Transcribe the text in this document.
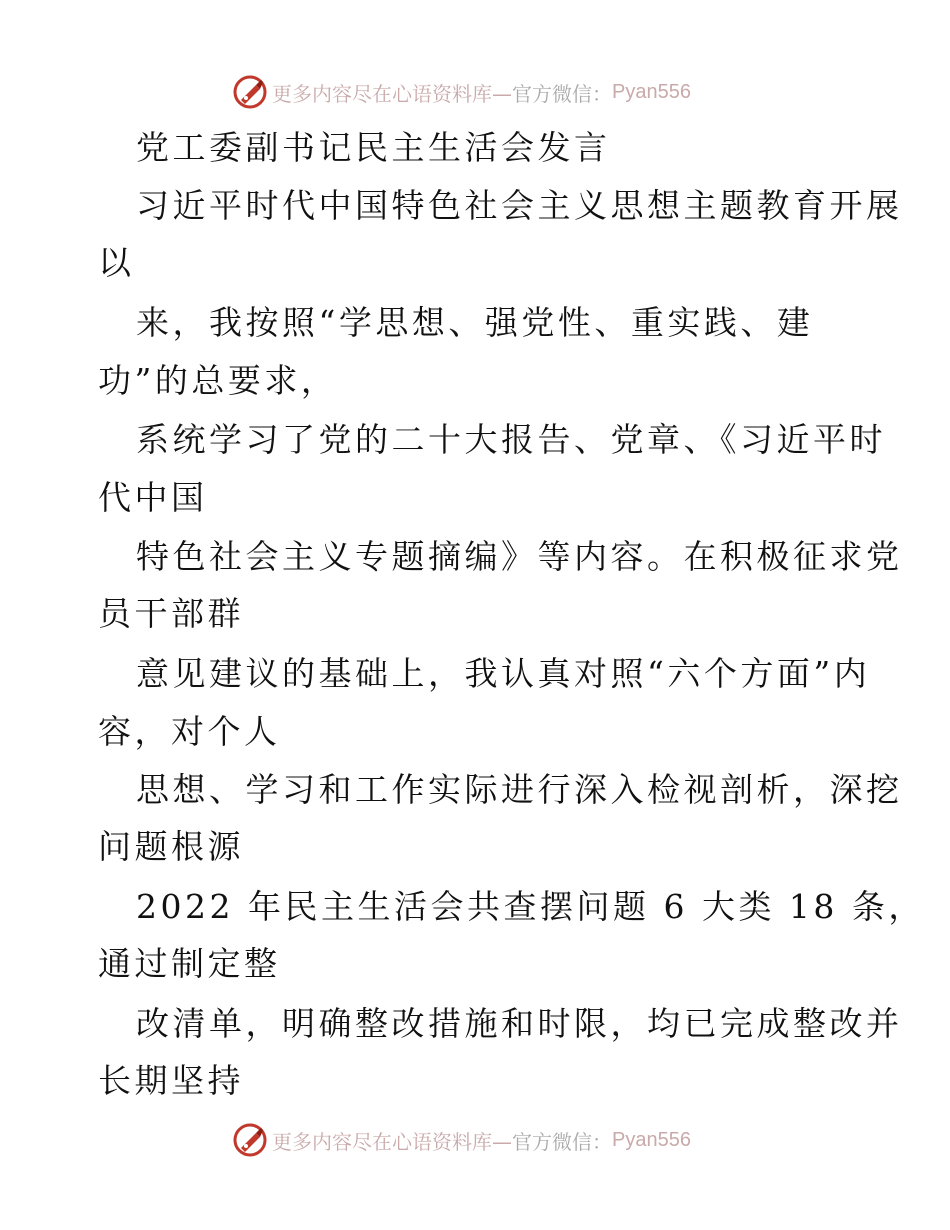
更多内容尽在心语资料库— 官方微信： Pyan556
党工委副书记民主生活会发言
习近平时代中国特色社会主义思想主题教育开展
以
来，我按照“学思想、强党性、重实践、建
功”的总要求，
系统学习了党的二十大报告、党章、《习近平时
代中国
特色社会主义专题摘编》等内容。在积极征求党
员干部群
意见建议的基础上，我认真对照“六个方面”内
容，对个人
思想、学习和工作实际进行深入检视剖析，深挖
问题根源
2022 年民主生活会共查摆问题 6 大类 18 条，
通过制定整
改清单，明确整改措施和时限，均已完成整改并
长期坚持
更多内容尽在心语资料库— 官方微信： Pyan556
